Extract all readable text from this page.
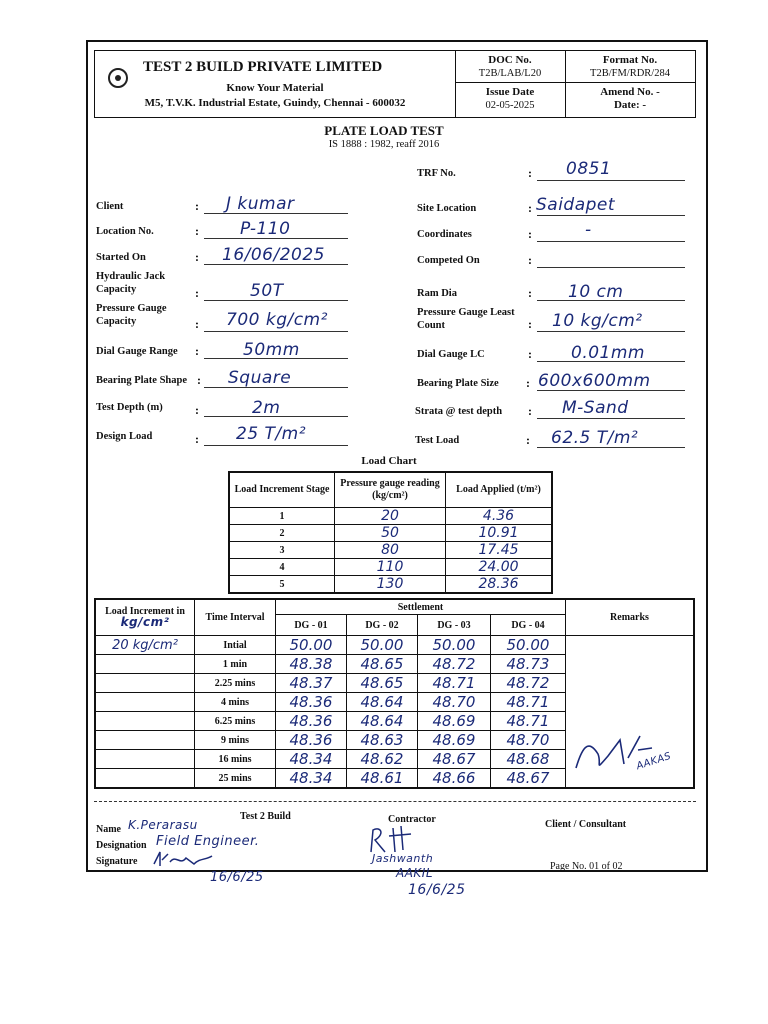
TEST 2 BUILD PRIVATE LIMITED
Know Your Material
M5, T.V.K. Industrial Estate, Guindy, Chennai - 600032
DOC No.
T2B/LAB/L20
Format No.
T2B/FM/RDR/284
Issue Date
02-05-2025
Amend No. -
Date: -
PLATE LOAD TEST
IS 1888 : 1982, reaff 2016
TRF No.	: 0851
Client	: J kumar
Location No.	: P-110
Started On	: 16/06/2025
Hydraulic Jack
Capacity	:	50T
Pressure Gauge
Capacity	: 700 kg/cm²
Dial Gauge Range :	50mm
Bearing Plate Shape : Square
Test Depth (m)	:	2m
Design Load	: 25 T/m²
Site Location	: Saidapet
Coordinates	:	-
Competed On	:
Ram Dia	: 10 cm
Pressure Gauge Least
Count	: 10 kg/cm²
Dial Gauge LC	: 0.01mm
Bearing Plate Size : 600x600mm
Strata @ test depth : M-Sand
Test Load	: 62.5 T/m²
Load Chart
Load Increment Stage	Pressure gauge reading (kg/cm²)	Load Applied (t/m²)
1	20	4.36
2	50	10.91
3	80	17.45
4	110	24.00
5	130	28.36
Load Increment in kg/cm²	Time Interval	Settlement				Remarks
		DG - 01	DG - 02	DG - 03	DG - 04	
20 kg/cm²	Intial	50.00	50.00	50.00	50.00	AAKAS

	1 min	48.38	48.65	48.72	48.73	
	2.25 mins	48.37	48.65	48.71	48.72	
	4 mins	48.36	48.64	48.70	48.71	
	6.25 mins	48.36	48.64	48.69	48.71	
	9 mins	48.36	48.63	48.69	48.70	
	16 mins	48.34	48.62	48.67	48.68	
	25 mins	48.34	48.61	48.66	48.67	
Test 2 Build	Contractor	Client / Consultant
Name K.Perarasu
Designation Field Engineer.
Signature
16/6/25
Jashwanth
AAKIL
16/6/25
Page No. 01 of 02
